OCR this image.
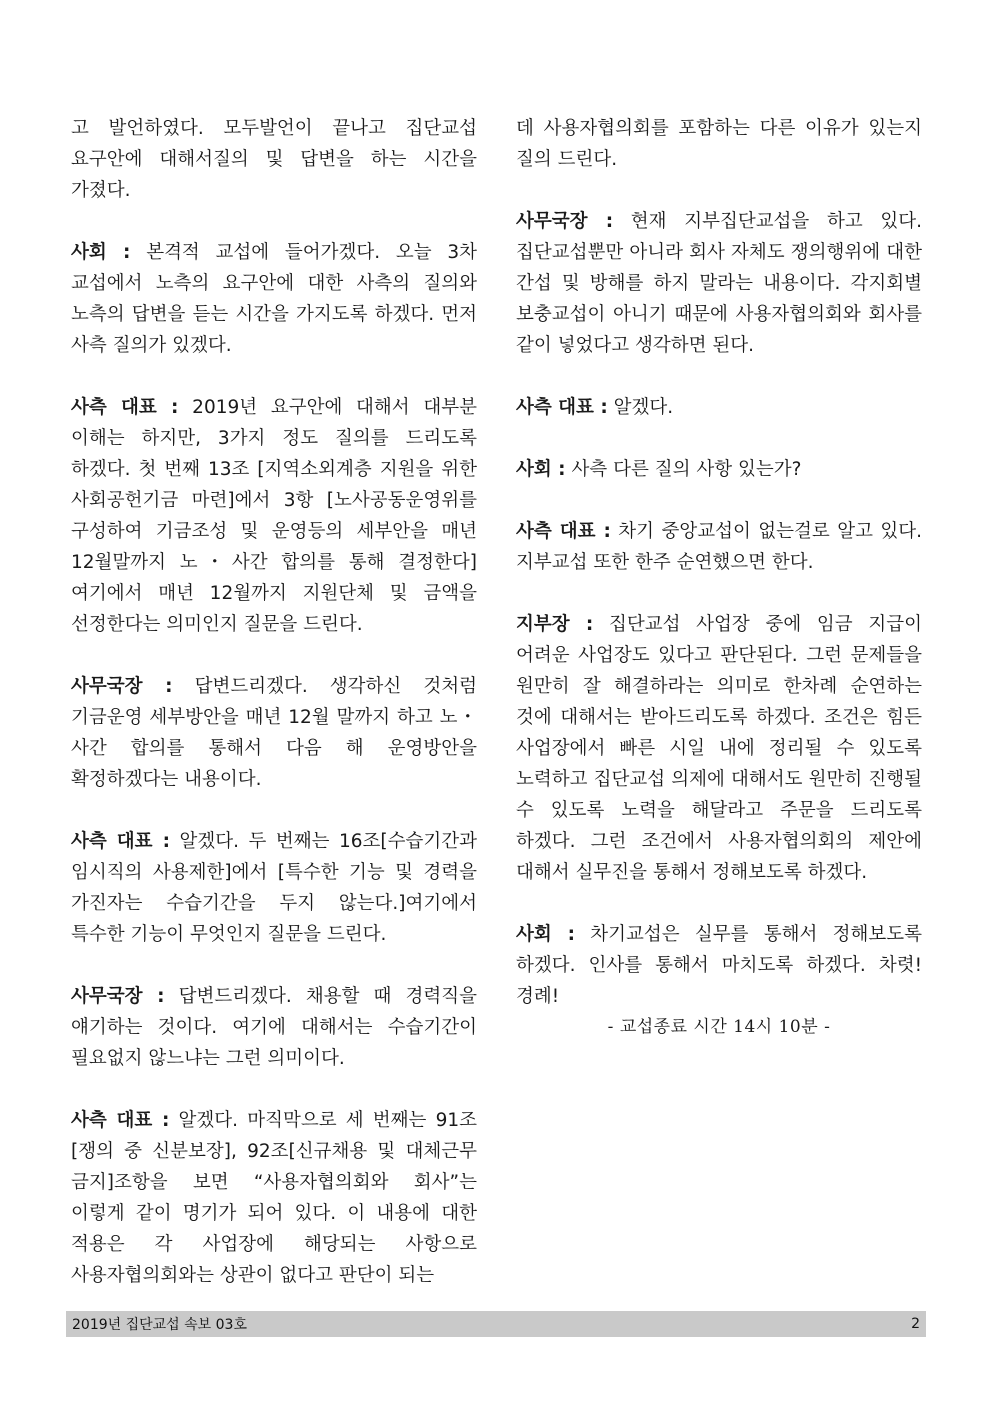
고 발언하였다. 모두발언이 끝나고 집단교섭 요구안에 대해서질의 및 답변을 하는 시간을 가졌다.

사회 : 본격적 교섭에 들어가겠다. 오늘 3차 교섭에서 노측의 요구안에 대한 사측의 질의와 노측의 답변을 듣는 시간을 가지도록 하겠다. 먼저 사측 질의가 있겠다.

사측 대표 : 2019년 요구안에 대해서 대부분 이해는 하지만, 3가지 정도 질의를 드리도록 하겠다. 첫 번째 13조 [지역소외계층 지원을 위한 사회공헌기금 마련]에서 3항 [노사공동운영위를 구성하여 기금조성 및 운영등의 세부안을 매년 12월말까지 노・사간 합의를 통해 결정한다] 여기에서 매년 12월까지 지원단체 및 금액을 선정한다는 의미인지 질문을 드린다.

사무국장 : 답변드리겠다. 생각하신 것처럼 기금운영 세부방안을 매년 12월 말까지 하고 노・사간 합의를 통해서 다음 해 운영방안을 확정하겠다는 내용이다.

사측 대표 : 알겠다. 두 번째는 16조[수습기간과 임시직의 사용제한]에서 [특수한 기능 및 경력을 가진자는 수습기간을 두지 않는다.]여기에서 특수한 기능이 무엇인지 질문을 드린다.

사무국장 : 답변드리겠다. 채용할 때 경력직을 얘기하는 것이다. 여기에 대해서는 수습기간이 필요없지 않느냐는 그런 의미이다.

사측 대표 : 알겠다. 마직막으로 세 번째는 91조[쟁의 중 신분보장], 92조[신규채용 및 대체근무 금지]조항을 보면 “사용자협의회와 회사”는 이렇게 같이 명기가 되어 있다. 이 내용에 대한 적용은 각 사업장에 해당되는 사항으로 사용자협의회와는 상관이 없다고 판단이 되는

데 사용자협의회를 포함하는 다른 이유가 있는지 질의 드린다.

사무국장 : 현재 지부집단교섭을 하고 있다. 집단교섭뿐만 아니라 회사 자체도 쟁의행위에 대한 간섭 및 방해를 하지 말라는 내용이다. 각지회별 보충교섭이 아니기 때문에 사용자협의회와 회사를 같이 넣었다고 생각하면 된다.

사측 대표 : 알겠다.

사회 : 사측 다른 질의 사항 있는가?

사측 대표 : 차기 중앙교섭이 없는걸로 알고 있다. 지부교섭 또한 한주 순연했으면 한다.

지부장 : 집단교섭 사업장 중에 임금 지급이 어려운 사업장도 있다고 판단된다. 그런 문제들을 원만히 잘 해결하라는 의미로 한차례 순연하는 것에 대해서는 받아드리도록 하겠다. 조건은 힘든 사업장에서 빠른 시일 내에 정리될 수 있도록 노력하고 집단교섭 의제에 대해서도 원만히 진행될 수 있도록 노력을 해달라고 주문을 드리도록 하겠다. 그런 조건에서 사용자협의회의 제안에 대해서 실무진을 통해서 정해보도록 하겠다.

사회 : 차기교섭은 실무를 통해서 정해보도록 하겠다. 인사를 통해서 마치도록 하겠다. 차렷! 경례!

- 교섭종료 시간 14시 10분 -

2019년 집단교섭 속보 03호	2
